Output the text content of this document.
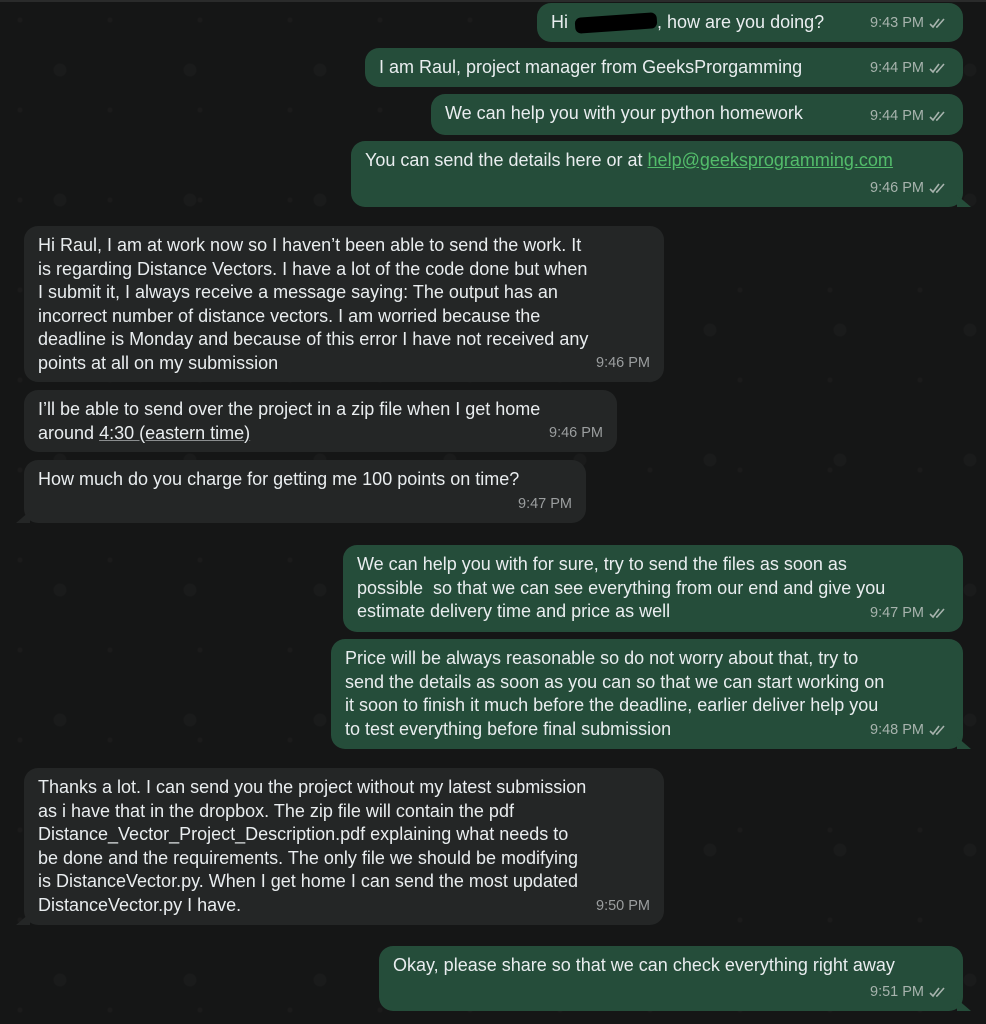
Hi	, how are you doing?	9:43 PM
I am Raul, project manager from GeeksProrgamming	9:44 PM
We can help you with your python homework	9:44 PM
You can send the details here or at help@geeksprogramming.com
9:46 PM
Hi Raul, I am at work now so I haven’t been able to send the work. It
is regarding Distance Vectors. I have a lot of the code done but when
I submit it, I always receive a message saying: The output has an
incorrect number of distance vectors. I am worried because the
deadline is Monday and because of this error I have not received any
points at all on my submission	9:46 PM
I’ll be able to send over the project in a zip file when I get home
around 4:30 (eastern time)	9:46 PM
How much do you charge for getting me 100 points on time?
9:47 PM
We can help you with for sure, try to send the files as soon as
possible  so that we can see everything from our end and give you
estimate delivery time and price as well	9:47 PM
Price will be always reasonable so do not worry about that, try to
send the details as soon as you can so that we can start working on
it soon to finish it much before the deadline, earlier deliver help you
to test everything before final submission	9:48 PM
Thanks a lot. I can send you the project without my latest submission
as i have that in the dropbox. The zip file will contain the pdf
Distance_Vector_Project_Description.pdf explaining what needs to
be done and the requirements. The only file we should be modifying
is DistanceVector.py. When I get home I can send the most updated
DistanceVector.py I have.	9:50 PM
Okay, please share so that we can check everything right away
9:51 PM
